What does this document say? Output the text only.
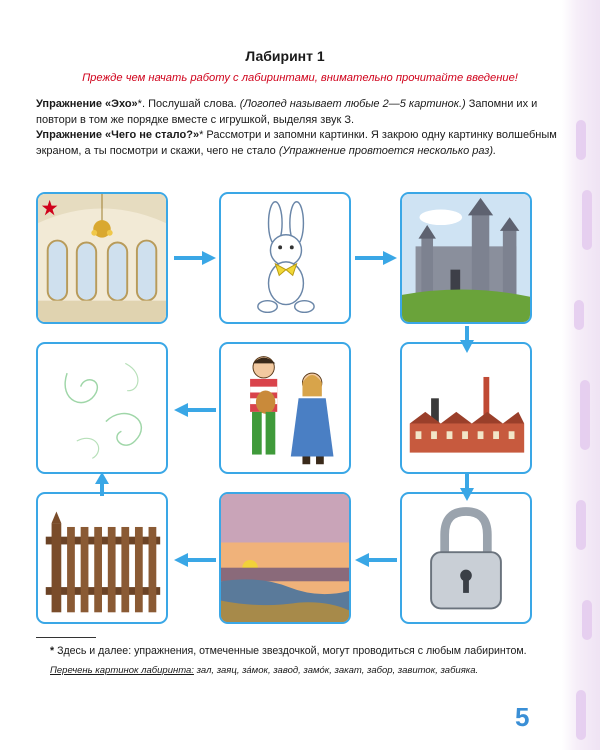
Лабиринт 1
Прежде чем начать работу с лабиринтами, внимательно прочитайте введение!
Упражнение «Эхо»*. Послушай слова. (Логопед называет любые 2—5 картинок.) Запомни их и повтори в том же порядке вместе с игрушкой, выделяя звук З.
Упражнение «Чего не стало?»* Рассмотри и запомни картинки. Я закрою одну картинку волшебным экраном, а ты посмотри и скажи, чего не стало (Упражнение провтоется несколько раз).
* Здесь и далее: упражнения, отмеченные звездочкой, могут проводиться с любым лабиринтом.
Перечень картинок лабиринта: зал, заяц, за́мок, завод, замо́к, закат, забор, завиток, забияка.
5
